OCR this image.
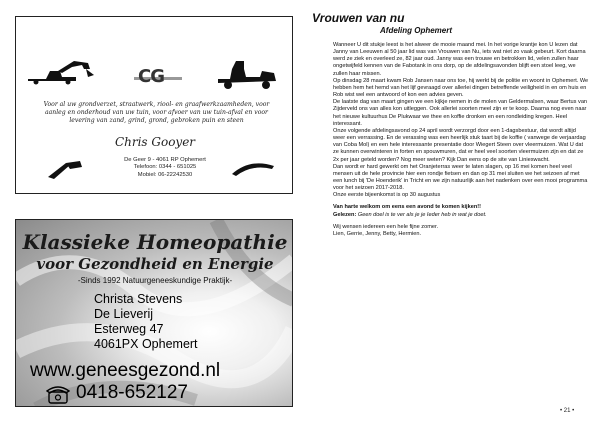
CG
Voor al uw grondverzet, straatwerk, riool- en graafwerkzaamheden, voor aanleg en onderhoud van uw tuin, voor afvoer van uw tuin-afval en voor levering van zand, grind, grond, gebroken puin en steen
Chris Gooyer
De Geer 9 - 4061 RP Ophemert
Telefoon: 0344 - 651025
Mobiel: 06-22242530
Klassieke Homeopathie
voor Gezondheid en Energie
-Sinds 1992 Natuurgeneeskundige Praktijk-
Christa Stevens
De Lieverij
Esterweg 47
4061PX Ophemert
www.geneesgezond.nl
0418-652127
Vrouwen van nu
Afdeling Ophemert

Wanneer U dit stukje leest is het alweer de mooie maand mei. In het vorige krantje kon U lezen dat Janny van Leeuwen al 50 jaar lid was van Vrouwen van Nu, iets wat niet zo vaak gebeurt. Kort daarna werd ze ziek en overleed ze, 82 jaar oud. Janny was een trouwe en betrokken lid, velen zullen haar ongetwijfeld kennen van de Fabotank in ons dorp, op de afdelingsavonden blijft een stoel leeg, we zullen haar missen.

Op dinsdag 28 maart kwam Rob Jansen naar ons toe, hij werkt bij de politie en woont in Ophemert. We hebben hem het hemd van het lijf gevraagd over allerlei dingen betreffende veiligheid in en om huis en Rob wist wel een antwoord of kon een advies geven.

De laatste dag van maart gingen we een kijkje nemen in de molen van Geldermalsen, waar Bertus van Zijderveld ons van alles kon uitleggen. Ook allerlei soorten meel zijn er te koop. Daarna nog even naar het nieuwe kultuurhus De Plukwaar we thee en koffie dronken en een rondleiding kregen. Heel interessant.

Onze volgende afdelingsavond op 24 april wordt verzorgd door een 1-dagsbestuur, dat wordt altijd weer een verrassing. En de verassing was een heerlijk stuk taart bij de koffie ( vanwege de verjaardag van Coba Mol) en een hele interessante presentatie door Wiegert Steen over vleermuizen. Wat U dat ze kunnen overwinteren in forten en spouwmuren, dat er heel veel soorten vleermuizen zijn en dat ze 2x per jaar geteld worden? Nog meer weten? Kijk Dan eens op de site van Linieswacht.

Dan wordt er hard gewerkt om het Oranjeterras weer te laten slagen, op 16 mei komen heel veel mensen uit de hele provincie hier een rondje fietsen en dan op 31 mei sluiten we het seizoen af met een lunch bij 'De Hoenderik' in Tricht en we zijn natuurlijk aan het nadenken over een mooi programma voor het seizoen 2017-2018.

Onze eerste bijeenkomst is op 30 augustus

Van harte welkom om eens een avond te komen kijken!!

Gelezen: Geen doel is te ver als je je Ieder heb in wat je doet.

Wij wensen iedereen een hele fijne zomer.

Lien, Gerrie, Jenny, Betty, Hermien.

• 21 •
